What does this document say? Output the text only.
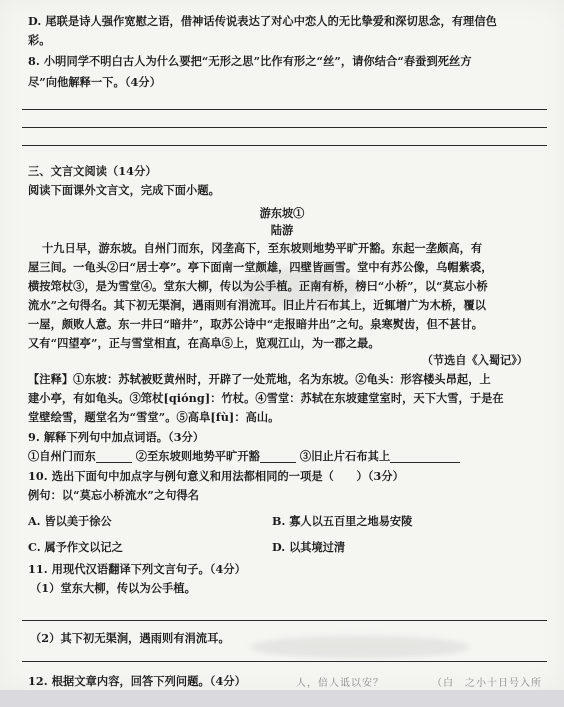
D. 尾联是诗人强作宽慰之语，借神话传说表达了对心中恋人的无比挚爱和深切思念，有理信色
彩。
8. 小明同学不明白古人为什么要把“无形之思”比作有形之“丝”，请你结合“春蚕到死丝方
尽”向他解释一下。（4分）
三、文言文阅读（14分）
阅读下面课外文言文，完成下面小题。
游东坡①
陆游
十九日早，游东坡。自州门而东，冈垄高下，至东坡则地势平旷开豁。东起一垄颇高，有
屋三间。一龟头②曰“居士亭”。亭下面南一堂颇雄，四壁皆画雪。堂中有苏公像，乌帽紫裘，
横按筇杖③，是为雪堂④。堂东大柳，传以为公手植。正南有桥，榜曰“小桥”，以“莫忘小桥
流水”之句得名。其下初无渠涧，遇雨则有涓流耳。旧止片石布其上，近辄增广为木桥，覆以
一屋，颇败人意。东一井曰“暗井”，取苏公诗中“走报暗井出”之句。泉寒熨齿，但不甚甘。
又有“四望亭”，正与雪堂相直，在高阜⑤上，览观江山，为一郡之最。
（节选自《入蜀记》）
【注释】①东坡：苏轼被贬黄州时，开辟了一处荒地，名为东坡。②龟头：形容楼头昂起，上
建小亭，有如龟头。③筇杖[qióng]：竹杖。④雪堂：苏轼在东坡建堂室时，天下大雪，于是在
堂壁绘雪，题堂名为“雪堂”。⑤高阜[fù]：高山。
9. 解释下列句中加点词语。（3分）
①自州门而东	②至东坡则地势平旷开豁	③旧止片石布其上
10. 选出下面句中加点字与例句意义和用法都相同的一项是（　　）（3分）
例句：以“莫忘小桥流水”之句得名
A. 皆以美于徐公	B. 寡人以五百里之地易安陵
C. 属予作文以记之	D. 以其境过清
11. 用现代汉语翻译下列文言句子。（4分）
（1）堂东大柳，传以为公手植。
（2）其下初无渠涧，遇雨则有涓流耳。
12. 根据文章内容，回答下列问题。（4分）	人，倍人诋以安？	（白　之小十日号入所
